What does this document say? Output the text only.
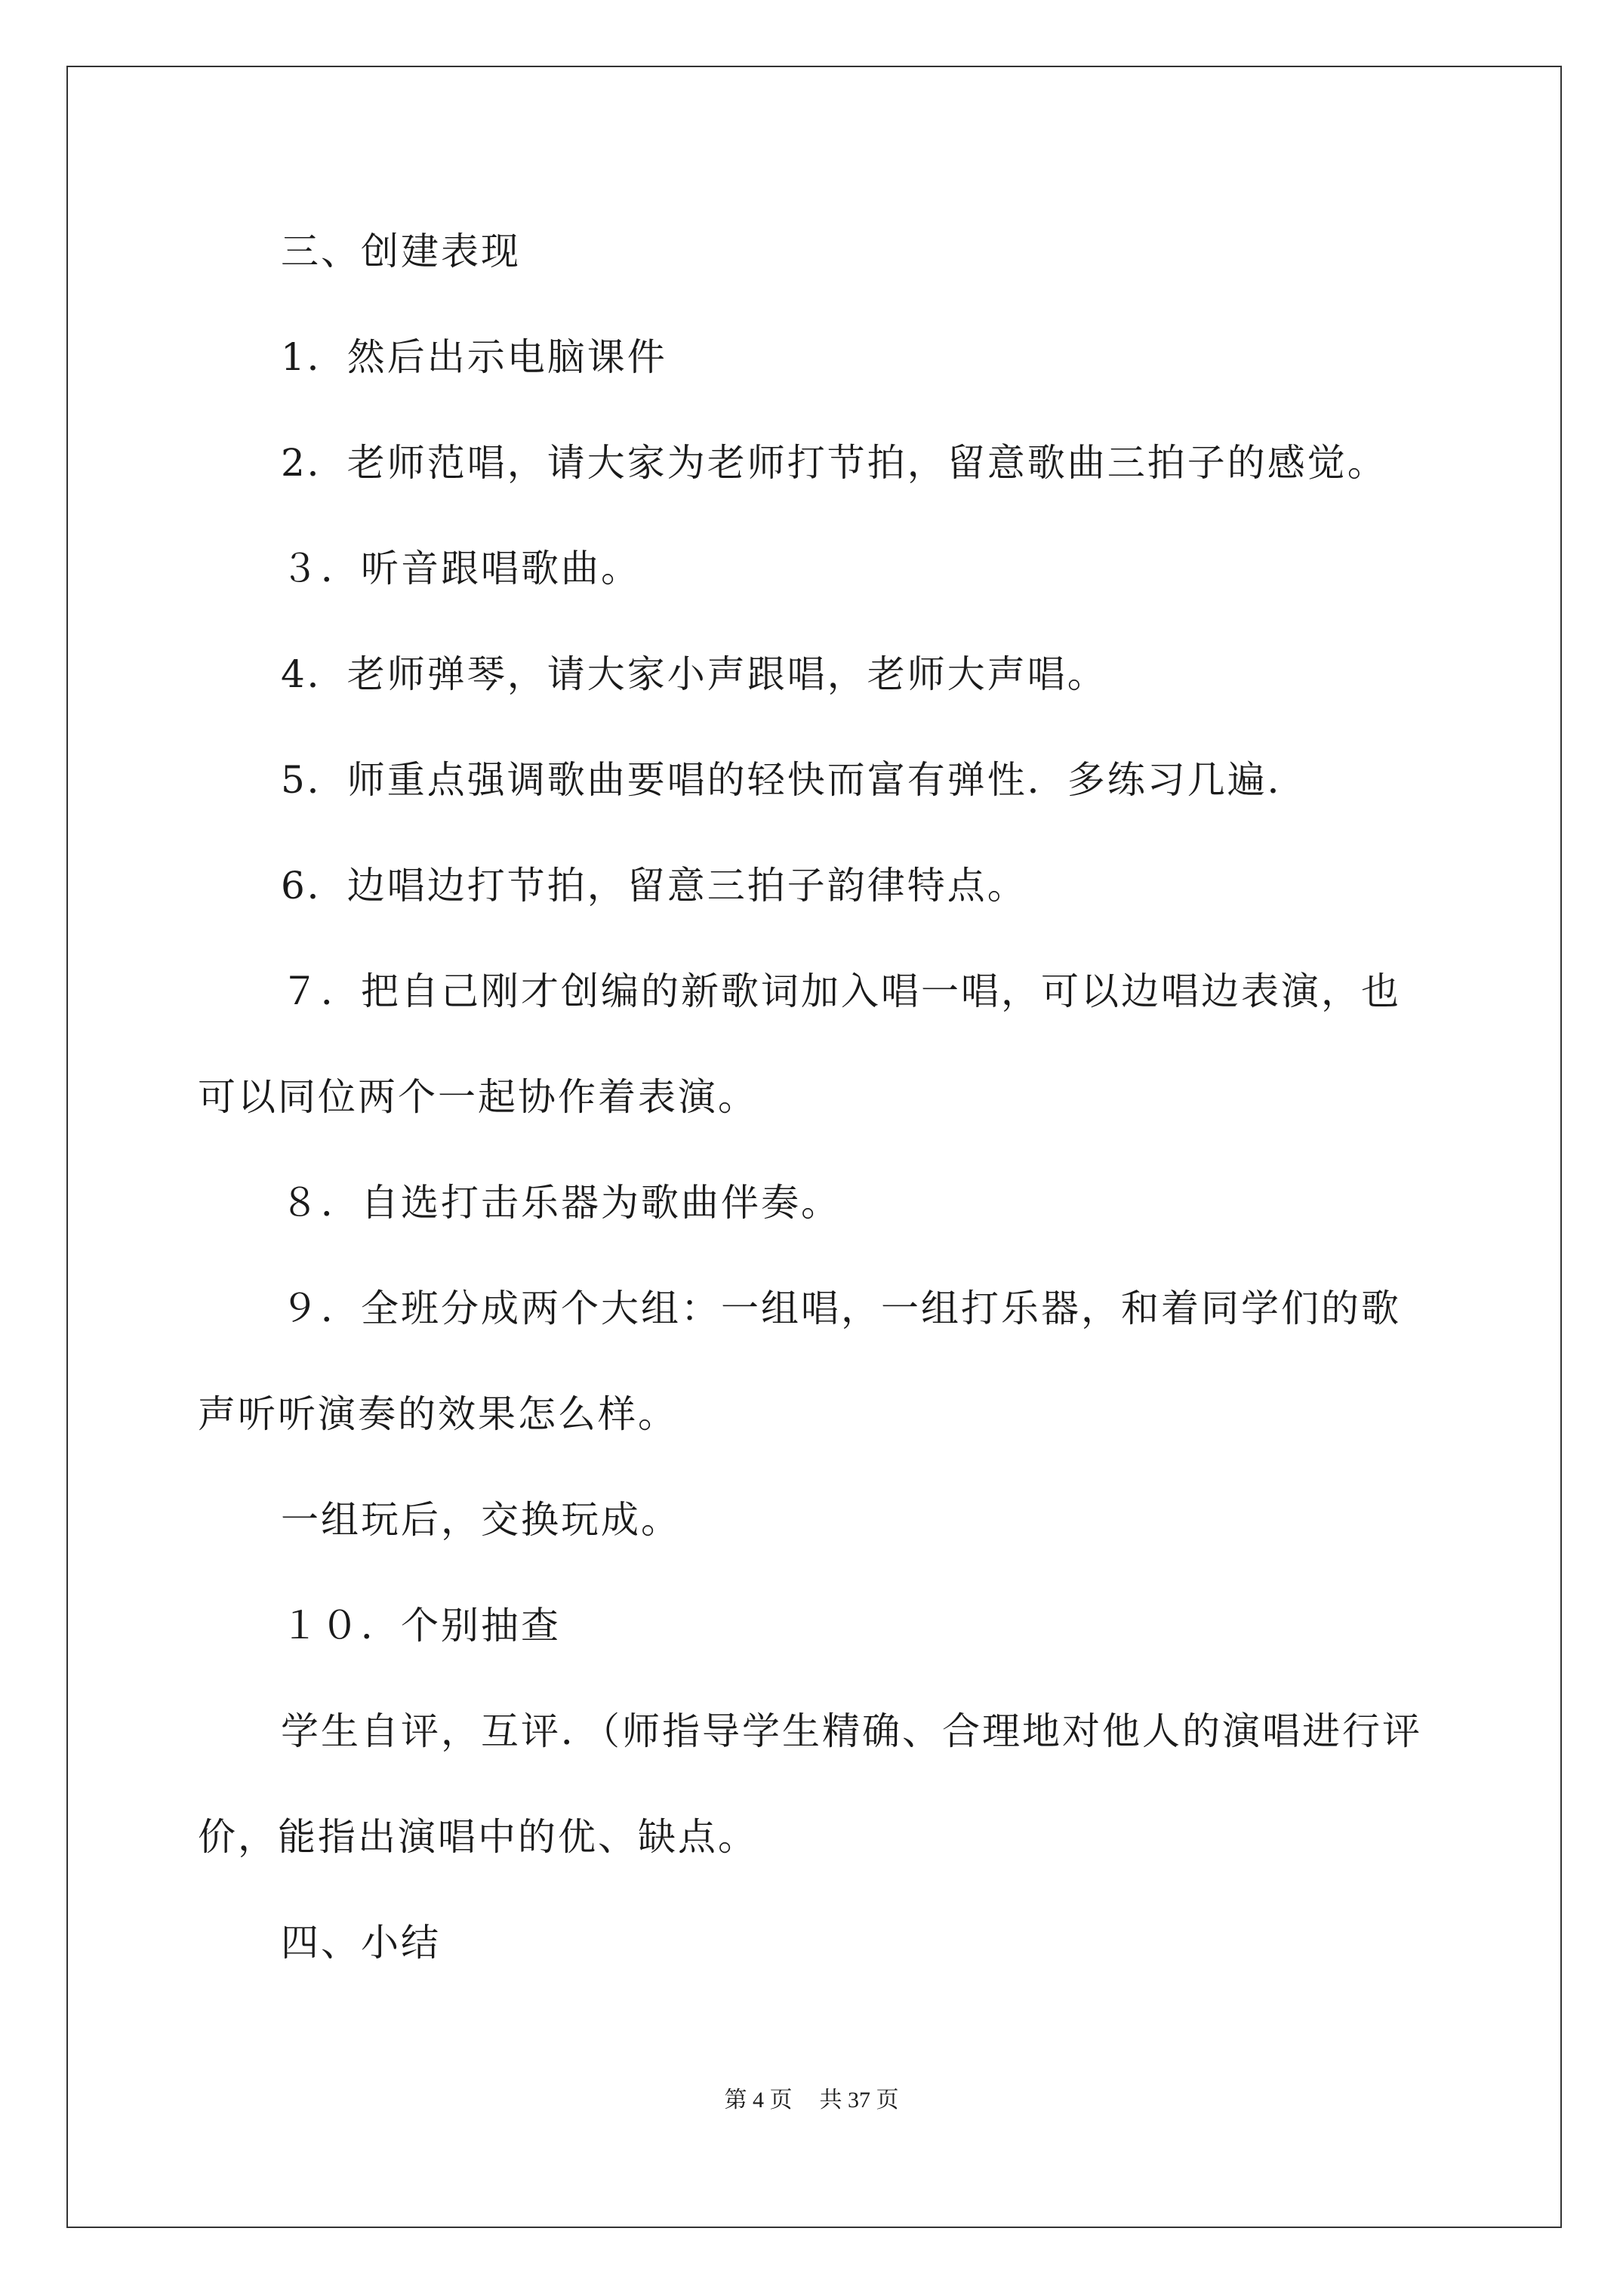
三、创建表现
1．然后出示电脑课件
2．老师范唱，请大家为老师打节拍，留意歌曲三拍子的感觉。
３．听音跟唱歌曲。
4．老师弹琴，请大家小声跟唱，老师大声唱。
5．师重点强调歌曲要唱的轻快而富有弹性．多练习几遍．
6．边唱边打节拍，留意三拍子韵律特点。
７．把自己刚才创编的新歌词加入唱一唱，可以边唱边表演，也
可以同位两个一起协作着表演。
８．自选打击乐器为歌曲伴奏。
９．全班分成两个大组：一组唱，一组打乐器，和着同学们的歌
声听听演奏的效果怎么样。
一组玩后，交换玩成。
１０．个别抽查
学生自评，互评．（师指导学生精确、合理地对他人的演唱进行评
价，能指出演唱中的优、缺点。
四、小结
第 4 页 共 37 页
